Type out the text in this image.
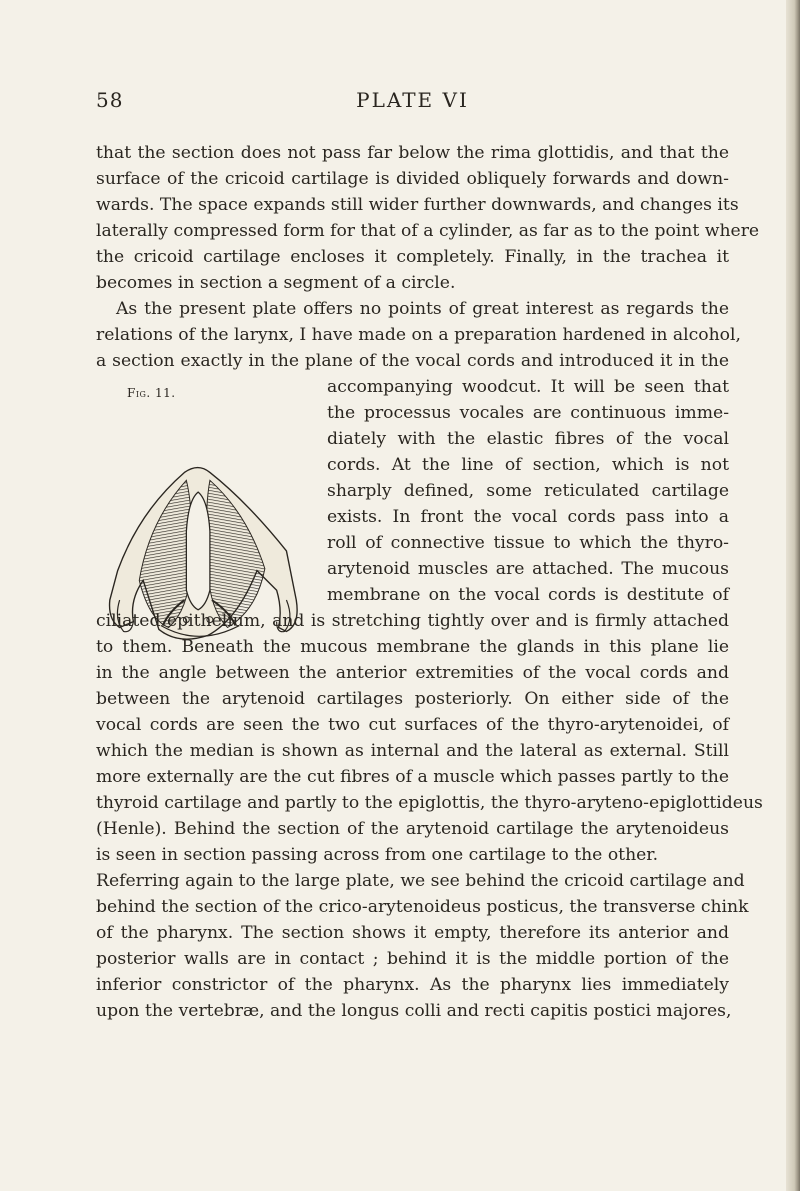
58	PLATE VI
that the section does not pass far below the rima glottidis, and that the
surface of the cricoid cartilage is divided obliquely forwards and down-
wards. The space expands still wider further downwards, and changes its
laterally compressed form for that of a cylinder, as far as to the point where
the cricoid cartilage encloses it completely. Finally, in the trachea it
becomes in section a segment of a circle.
As the present plate offers no points of great interest as regards the
relations of the larynx, I have made on a preparation hardened in alcohol,
a section exactly in the plane of the vocal cords and introduced it in the
Fig. 11.	accompanying woodcut. It will be seen that
the processus vocales are continuous imme-
diately with the elastic fibres of the vocal
cords. At the line of section, which is not
sharply defined, some reticulated cartilage
exists. In front the vocal cords pass into a
roll of connective tissue to which the thyro-
arytenoid muscles are attached. The mucous
membrane on the vocal cords is destitute of
ciliated epithelium, and is stretching tightly over and is firmly attached
to them. Beneath the mucous membrane the glands in this plane lie
in the angle between the anterior extremities of the vocal cords and
between the arytenoid cartilages posteriorly. On either side of the
vocal cords are seen the two cut surfaces of the thyro-arytenoidei, of
which the median is shown as internal and the lateral as external. Still
more externally are the cut fibres of a muscle which passes partly to the
thyroid cartilage and partly to the epiglottis, the thyro-aryteno-epiglottideus
(Henle). Behind the section of the arytenoid cartilage the arytenoideus
is seen in section passing across from one cartilage to the other.
Referring again to the large plate, we see behind the cricoid cartilage and
behind the section of the crico-arytenoideus posticus, the transverse chink
of the pharynx. The section shows it empty, therefore its anterior and
posterior walls are in contact ; behind it is the middle portion of the
inferior constrictor of the pharynx. As the pharynx lies immediately
upon the vertebræ, and the longus colli and recti capitis postici majores,
